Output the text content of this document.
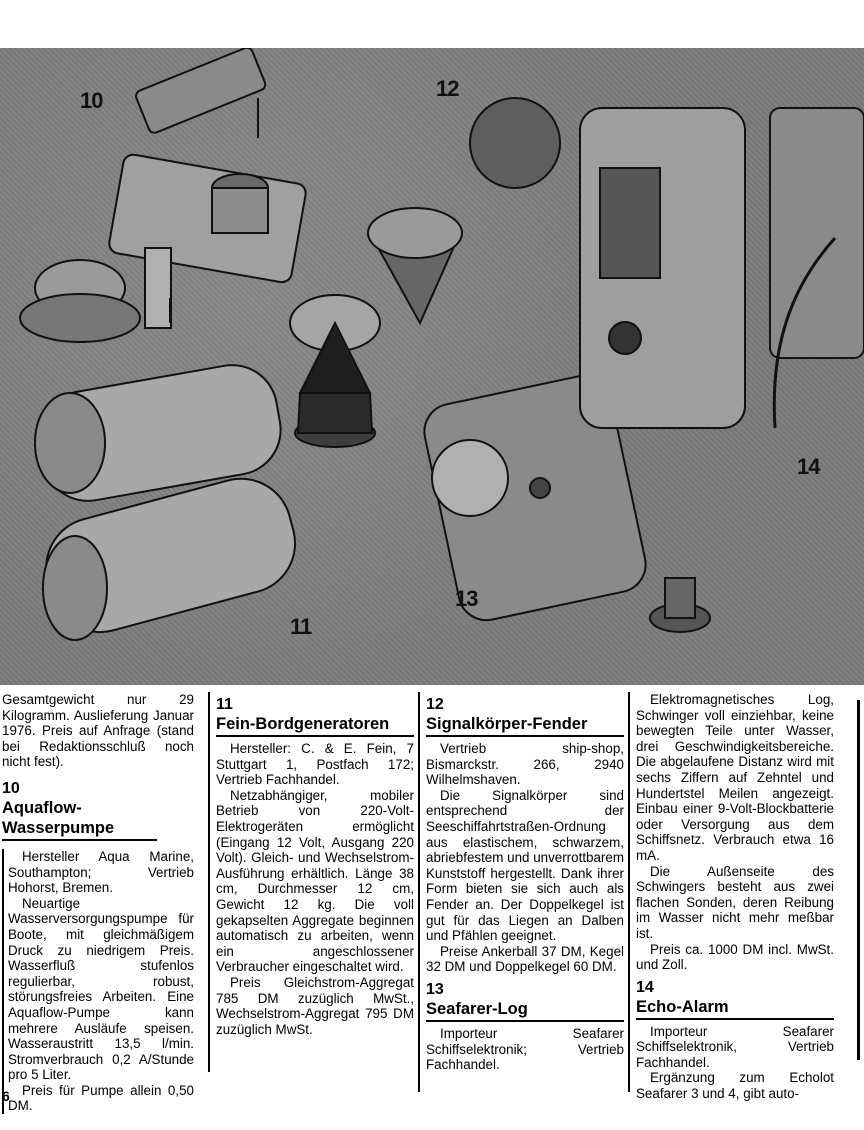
10	12
13
11
14

Gesamtgewicht nur 29 Kilogramm. Auslieferung Januar 1976. Preis auf Anfrage (stand bei Redaktionsschluß noch nicht fest).

10
Aquaflow-Wasserpumpe

Hersteller Aqua Marine, Southampton; Vertrieb Hohorst, Bremen.

Neuartige Wasserversorgungspumpe für Boote, mit gleichmäßigem Druck zu niedrigem Preis. Wasserfluß stufenlos regulierbar, robust, störungsfreies Arbeiten. Eine Aquaflow-Pumpe kann mehrere Ausläufe speisen. Wasseraustritt 13,5 l/min. Stromverbrauch 0,2 A/Stunde pro 5 Liter.

Preis für Pumpe allein 0,50 DM.

11
Fein-Bordgeneratoren

Hersteller: C. & E. Fein, 7 Stuttgart 1, Postfach 172; Vertrieb Fachhandel.

Netzabhängiger, mobiler Betrieb von 220-Volt-Elektrogeräten ermöglicht (Eingang 12 Volt, Ausgang 220 Volt). Gleich- und Wechselstrom-Ausführung erhältlich. Länge 38 cm, Durchmesser 12 cm, Gewicht 12 kg. Die voll gekapselten Aggregate beginnen automatisch zu arbeiten, wenn ein angeschlossener Verbraucher eingeschaltet wird.

Preis Gleichstrom-Aggregat 785 DM zuzüglich MwSt., Wechselstrom-Aggregat 795 DM zuzüglich MwSt.

12
Signalkörper-Fender

Vertrieb ship-shop, Bismarckstr. 266, 2940 Wilhelmshaven.

Die Signalkörper sind entsprechend der Seeschiffahrtstraßen-Ordnung aus elastischem, schwarzem, abriebfestem und unverrottbarem Kunststoff hergestellt. Dank ihrer Form bieten sie sich auch als Fender an. Der Doppelkegel ist gut für das Liegen an Dalben und Pfählen geeignet.

Preise Ankerball 37 DM, Kegel 32 DM und Doppelkegel 60 DM.

13
Seafarer-Log

Importeur Seafarer Schiffselektronik; Vertrieb Fachhandel.

Elektromagnetisches Log, Schwinger voll einziehbar, keine bewegten Teile unter Wasser, drei Geschwindigkeitsbereiche. Die abgelaufene Distanz wird mit sechs Ziffern auf Zehntel und Hundertstel Meilen angezeigt. Einbau einer 9-Volt-Blockbatterie oder Versorgung aus dem Schiffsnetz. Verbrauch etwa 16 mA.

Die Außenseite des Schwingers besteht aus zwei flachen Sonden, deren Reibung im Wasser nicht mehr meßbar ist.

Preis ca. 1000 DM incl. MwSt. und Zoll.

14
Echo-Alarm

Importeur Seafarer Schiffselektronik, Vertrieb Fachhandel.

Ergänzung zum Echolot Seafarer 3 und 4, gibt auto-

6
